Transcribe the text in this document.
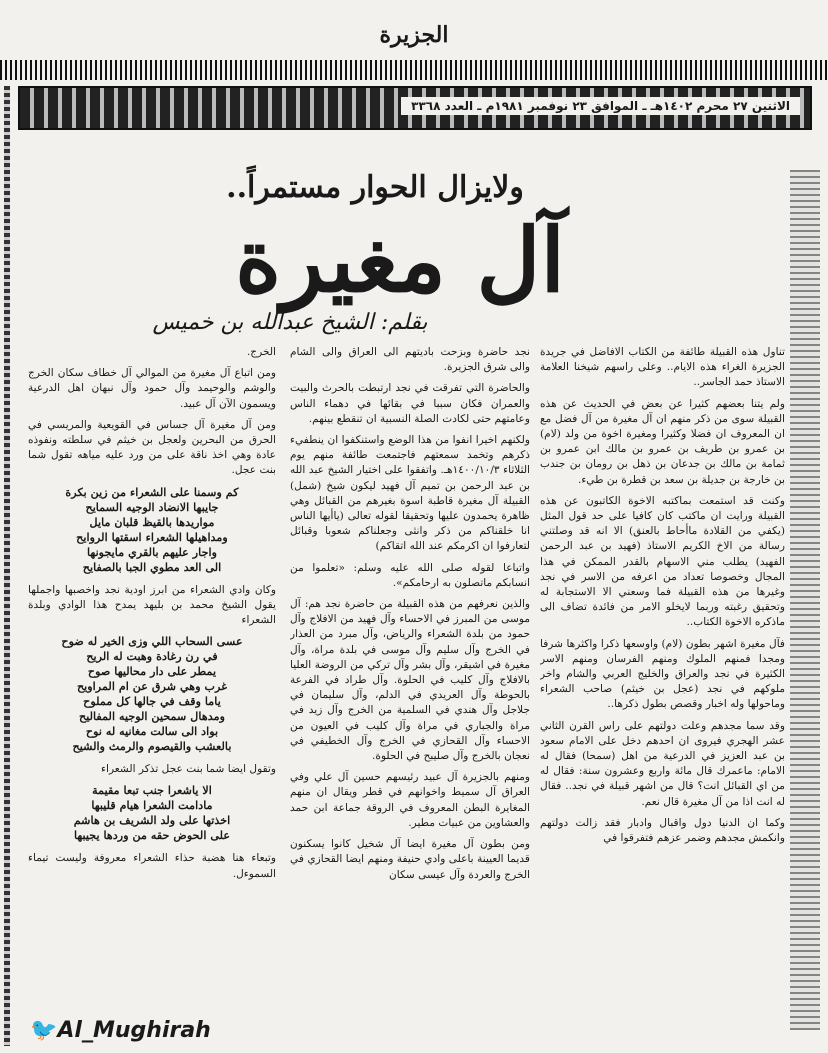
الجزيرة
الاثنين ٢٧ محرم ١٤٠٢هـ ـ الموافق ٢٣ نوفمبر ١٩٨١م ـ العدد ٣٣٦٨
ولايزال الحوار مستمراً..
آل مغيرة
بقلم: الشيخ عبدالله بن خميس

تناول هذه القبيلة طائفة من الكتاب الافاضل في جريدة الجزيرة الغراء هذه الايام.. وعلى راسهم شيخنا العلامة الاستاذ حمد الجاسر..

ولم يتنا بعضهم كثيرا عن بعض في الحديث عن هذه القبيلة سوى من ذكر منهم ان آل مغيرة من آل فضل مع ان المعروف ان فضلا وكثيرا ومغيرة اخوة من ولد (لام) بن عمرو بن طريف بن عمرو بن مالك ابن عمرو بن ثمامة بن مالك بن جدعان بن ذهل بن رومان بن جندب بن خارجة بن جديلة بن سعد بن قطرة بن طيء.

وكنت قد استمعت بماكتبه الاخوة الكاتبون عن هذه القبيلة ورايت ان ماكتب كان كافيا على حد قول المثل (يكفي من القلادة ماأحاط بالعنق) الا انه قد وصلتني رسالة من الاخ الكريم الاستاذ (فهيد بن عبد الرحمن الفهيد) يطلب مني الاسهام بالقدر الممكن في هذا المجال وخصوصا تعداد من اعرفه من الاسر في نجد وغيرها من هذه القبيلة فما وسعني الا الاستجابة له وتحقيق رغبته وربما لايخلو الامر من فائدة تضاف الى ماذكره الاخوة الكتاب..

فآل مغيرة اشهر بطون (لام) واوسعها ذكرا واكثرها شرفا ومجدا فمنهم الملوك ومنهم الفرسان ومنهم الاسر الكثيرة في نجد والعراق والخليج العربي والشام واخر ملوكهم في نجد (عجل بن خيثم) صاحب الشعراء وماحولها وله اخبار وقصص بطول ذكرها..

وقد سما مجدهم وعلت دولتهم على راس القرن الثاني عشر الهجري فيروى ان احدهم دخل على الامام سعود بن عبد العزيز في الدرعية من اهل (سمحا) فقال له الامام: ماعمرك قال مائة واربع وعشرون سنة: فقال له من اي القبائل انت؟ قال من اشهر قبيلة في نجد.. فقال له انت اذا من آل مغيرة قال نعم.

وكما ان الدنيا دول واقبال وادبار فقد زالت دولتهم وانكمش مجدهم وضمر عزهم فتفرقوا في

نجد حاضرة وبزحت باديتهم الى العراق والى الشام والى شرق الجزيرة.

والحاضرة التي تفرقت في نجد ارتبطت بالحرث والبيت والعمران فكان سببا في بقائها في دهماء الناس وعامتهم حتى لكادت الصلة النسبية ان تنقطع بينهم.

ولكنهم اخيرا انفوا من هذا الوضع واستنكفوا ان ينطفيء ذكرهم وتخمد سمعتهم فاجتمعت طائفة منهم يوم الثلاثاء ١٤٠٠/١٠/٣هـ. واتفقوا على اختيار الشيخ عبد الله بن عبد الرحمن بن تميم آل فهيد ليكون شيخ (شمل) القبيلة آل مغيرة قاطبة اسوة بغيرهم من القبائل وهي ظاهرة يحمدون عليها وتحقيقا لقوله تعالى (ياأيها الناس انا خلقناكم من ذكر وانثى وجعلناكم شعوبا وقبائل لتعارفوا ان اكرمكم عند الله اتقاكم)

واتباعا لقوله صلى الله عليه وسلم: «تعلموا من انسابكم ماتصلون به ارحامكم».

والذين نعرفهم من هذه القبيلة من حاضرة نجد هم: آل موسى من المبرز في الاحساء وآل فهيد من الافلاج وآل حمود من بلدة الشعراء والرياض، وآل مبرد من العذار في الخرج وآل سليم وآل موسى في بلدة مراة، وآل مغيرة في اشيقر، وآل بشر وآل تركي من الروضة العليا بالافلاج وآل كليب في الحلوة. وآل طراد في الفرعة بالحوطة وآل العريدي في الدلم، وآل سليمان في جلاجل وآل هندي في السلمية من الخرج وآل زيد في مراة والجباري في مراة وآل كليب في العيون من الاحساء وآل القحازي في الخرج وآل الخطيفي في نعجان بالخرج وآل صليبح في الحلوة.

ومنهم بالجزيرة آل عبيد رئيسهم حسين آل علي وفي العراق آل سميط واخوانهم في قطر ويقال ان منهم المغايرة البطن المعروف في الروقة جماعة ابن حمد والعشاوين من عبيات مطير.

ومن بطون آل مغيرة ايضا آل شخيل كانوا يسكنون قديما العيينة باعلى وادي حنيفة ومنهم ايضا القحازي في الخرج والعردة وآل عيسى سكان

الخرج.

ومن اتباع آل مغيرة من الموالي آل خطاف سكان الخرج والوشم والوحيمد وآل حمود وآل نبهان اهل الدرعية ويسمون الآن آل عبيد.

ومن آل مغيرة آل جساس في القويعية والمريسي في الحرق من البحرين ولعجل بن خيثم في سلطته ونفوذه عادة وهي اخذ ناقة على من ورد عليه مياهه تقول شما بنت عجل.

كم وسمنا على الشعراء من زين بكرة
جايبها الانضاد الوجيه السمايح
مواريدها بالقيظ قلبان مايل
ومداهيلها الشعراء اسقتها الروايح
واجار عليهم بالقري مايجونها
الى العد مطوي الجبا بالصفايح

وكان وادي الشعراء من ابرز اودية نجد واخصبها واجملها يقول الشيخ محمد بن بليهد يمدح هذا الوادي وبلدة الشعراء

عسى السحاب اللي وزى الخير له ضوح
في رن رغادة وهبت له الريح
يمطر على دار محاليها صوح
غرب وهي شرق عن ام المراويح
ياما وقف في جالها كل مملوح
ومدهال سمحين الوجيه المفاليح
بواد الى سالت مغانيه له نوح
بالعشب والقيصوم والرمث والشيح

وتقول ايضا شما بنت عجل تذكر الشعراء

الا ياشعرا جنب تبعا مقيمة
مادامت الشعرا هيام قليبها
اخذتها على ولد الشريف بن هاشم
على الحوض حقه من وردها يجيبها

وتبعاء هنا هضبة حذاء الشعراء معروفة وليست تيماء السموءل.

🐦Al_Mughirah
